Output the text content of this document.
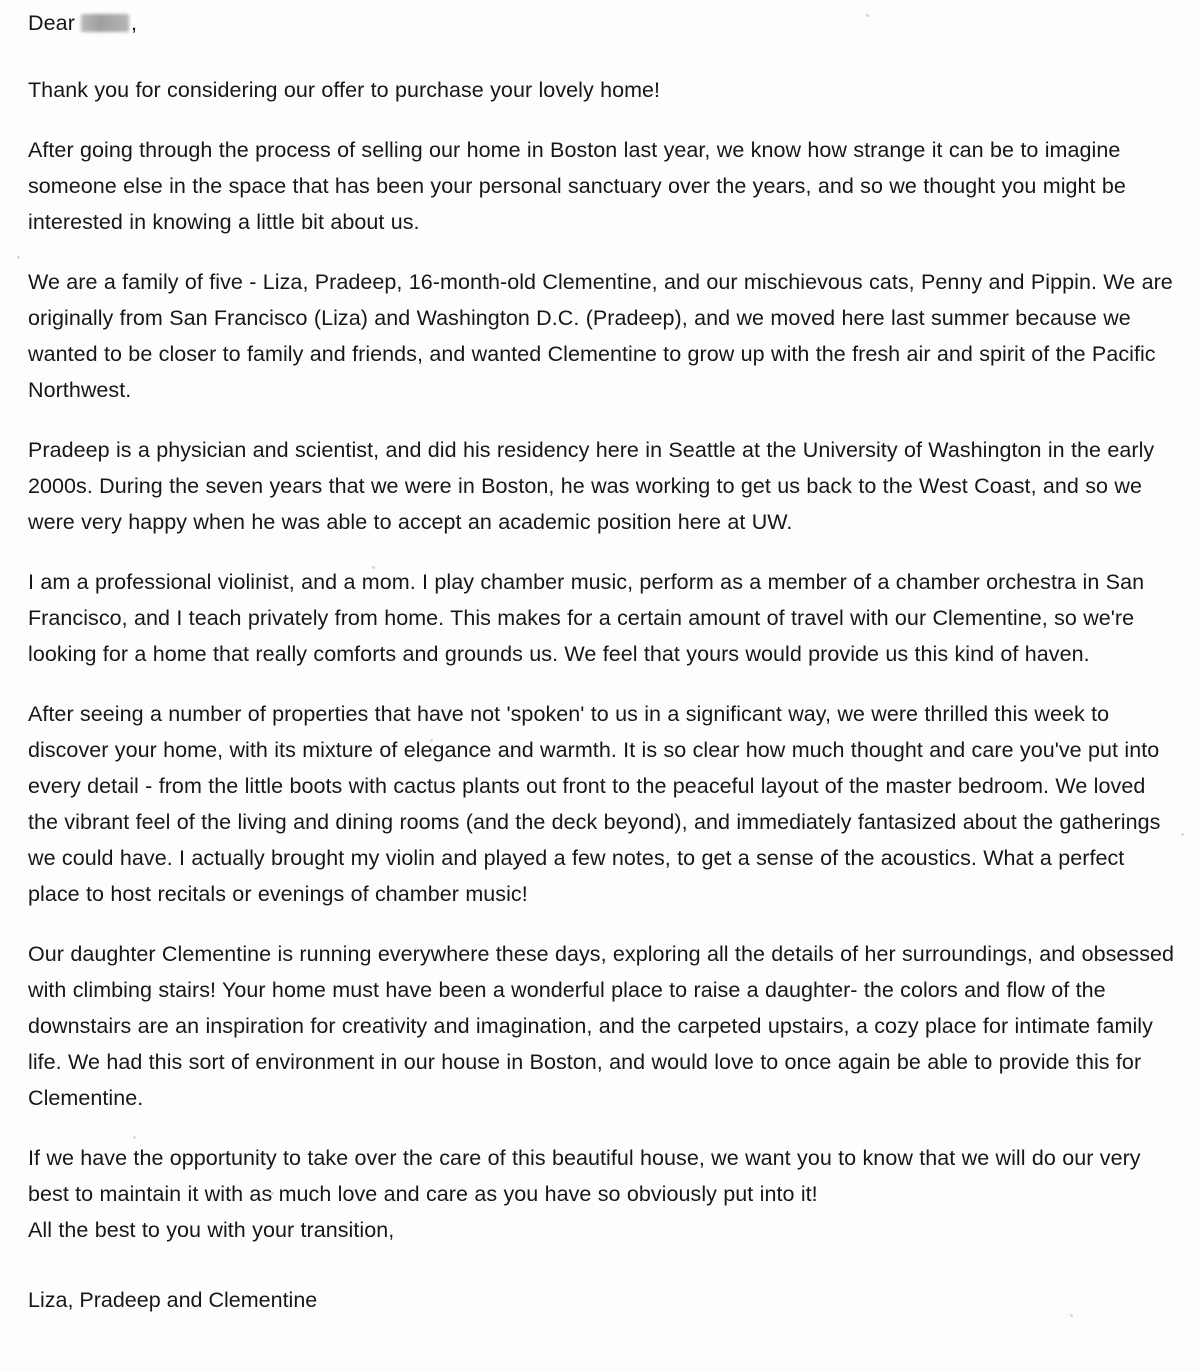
Dear	,

Thank you for considering our offer to purchase your lovely home!

After going through the process of selling our home in Boston last year, we know how strange it can be to imagine someone else in the space that has been your personal sanctuary over the years, and so we thought you might be interested in knowing a little bit about us.

We are a family of five - Liza, Pradeep, 16-month-old Clementine, and our mischievous cats, Penny and Pippin. We are originally from San Francisco (Liza) and Washington D.C. (Pradeep), and we moved here last summer because we wanted to be closer to family and friends, and wanted Clementine to grow up with the fresh air and spirit of the Pacific Northwest.

Pradeep is a physician and scientist, and did his residency here in Seattle at the University of Washington in the early 2000s. During the seven years that we were in Boston, he was working to get us back to the West Coast, and so we were very happy when he was able to accept an academic position here at UW.

I am a professional violinist, and a mom. I play chamber music, perform as a member of a chamber orchestra in San Francisco, and I teach privately from home. This makes for a certain amount of travel with our Clementine, so we're looking for a home that really comforts and grounds us. We feel that yours would provide us this kind of haven.

After seeing a number of properties that have not 'spoken' to us in a significant way, we were thrilled this week to discover your home, with its mixture of elegance and warmth. It is so clear how much thought and care you've put into every detail - from the little boots with cactus plants out front to the peaceful layout of the master bedroom. We loved the vibrant feel of the living and dining rooms (and the deck beyond), and immediately fantasized about the gatherings we could have. I actually brought my violin and played a few notes, to get a sense of the acoustics. What a perfect place to host recitals or evenings of chamber music!

Our daughter Clementine is running everywhere these days, exploring all the details of her surroundings, and obsessed with climbing stairs! Your home must have been a wonderful place to raise a daughter- the colors and flow of the downstairs are an inspiration for creativity and imagination, and the carpeted upstairs, a cozy place for intimate family life. We had this sort of environment in our house in Boston, and would love to once again be able to provide this for Clementine.

If we have the opportunity to take over the care of this beautiful house, we want you to know that we will do our very best to maintain it with as much love and care as you have so obviously put into it!

All the best to you with your transition,

Liza, Pradeep and Clementine
